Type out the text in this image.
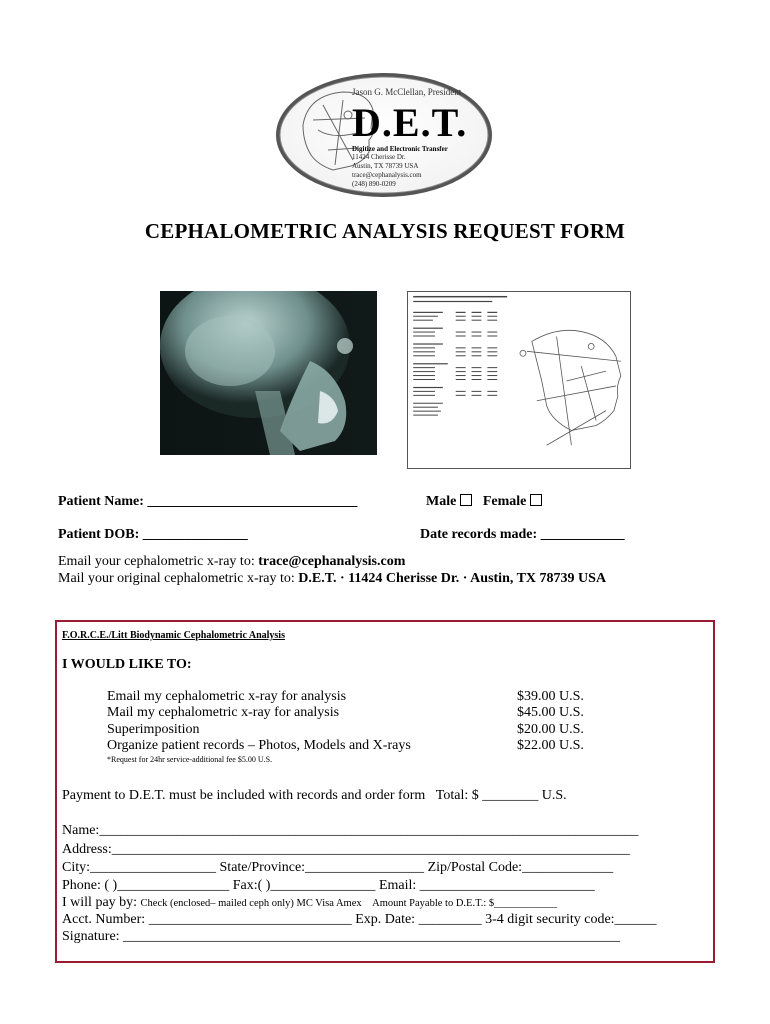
Jason G. McClellan, President
D.E.T.
Digitize and Electronic Transfer
11424 Cherisse Dr.
Austin, TX 78739 USA
trace@cephanalysis.com
(248) 890-0209
CEPHALOMETRIC ANALYSIS REQUEST FORM
Patient Name: ______________________________	Male Female
Patient DOB: _______________	Date records made: ____________
Email your cephalometric x-ray to: trace@cephanalysis.com
Mail your original cephalometric x-ray to: D.E.T. · 11424 Cherisse Dr. · Austin, TX 78739 USA
F.O.R.C.E./Litt Biodynamic Cephalometric Analysis
I WOULD LIKE TO:
Email my cephalometric x-ray for analysis	$39.00 U.S.
Mail my cephalometric x-ray for analysis	$45.00 U.S.
Superimposition	$20.00 U.S.
Organize patient records – Photos, Models and X-rays	$22.00 U.S.
*Request for 24hr service-additional fee $5.00 U.S.
Payment to D.E.T. must be included with records and order form Total: $ ________ U.S.
Name:_____________________________________________________________________________
Address:__________________________________________________________________________
City:__________________ State/Province:_________________ Zip/Postal Code:_____________
Phone: ( )________________ Fax:( )_______________ Email: _________________________
I will pay by: Check (enclosed– mailed ceph only) MC Visa Amex Amount Payable to D.E.T.: $____________
Acct. Number: _____________________________ Exp. Date: _________ 3-4 digit security code:______
Signature: _______________________________________________________________________
